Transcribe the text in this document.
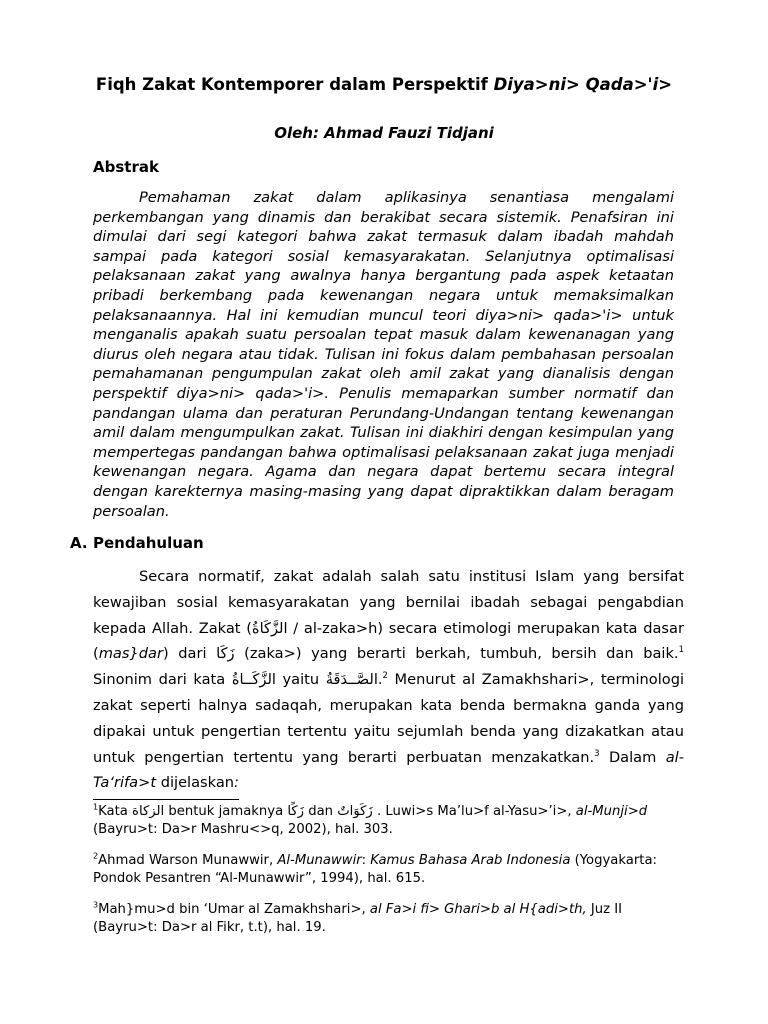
Fiqh Zakat Kontemporer dalam Perspektif Diya>ni> Qada>'i>
Oleh: Ahmad Fauzi Tidjani
Abstrak

Pemahaman zakat dalam aplikasinya senantiasa mengalami perkembangan yang dinamis dan berakibat secara sistemik. Penafsiran ini dimulai dari segi kategori bahwa zakat termasuk dalam ibadah mahdah sampai pada kategori sosial kemasyarakatan. Selanjutnya optimalisasi pelaksanaan zakat yang awalnya hanya bergantung pada aspek ketaatan pribadi berkembang pada kewenangan negara untuk memaksimalkan pelaksanaannya. Hal ini kemudian muncul teori diya>ni> qada>'i> untuk menganalis apakah suatu persoalan tepat masuk dalam kewenanagan yang diurus oleh negara atau tidak. Tulisan ini fokus dalam pembahasan persoalan pemahamanan pengumpulan zakat oleh amil zakat yang dianalisis dengan perspektif diya>ni> qada>'i>. Penulis memaparkan sumber normatif dan pandangan ulama dan peraturan Perundang-Undangan tentang kewenangan amil dalam mengumpulkan zakat. Tulisan ini diakhiri dengan kesimpulan yang mempertegas pandangan bahwa optimalisasi pelaksanaan zakat juga menjadi kewenangan negara. Agama dan negara dapat bertemu secara integral dengan karekternya masing-masing yang dapat dipraktikkan dalam beragam persoalan.

A. Pendahuluan

Secara normatif, zakat adalah salah satu institusi Islam yang bersifat kewajiban sosial kemasyarakatan yang bernilai ibadah sebagai pengabdian kepada Allah. Zakat (الزَّكَاةُ / al-zaka>h) secara etimologi merupakan kata dasar (mas}dar) dari زَكَا (zaka>) yang berarti berkah, tumbuh, bersih dan baik.$^1$ Sinonim dari kata الزَّكَــاةُ yaitu الصَّــدَقَةُ.$^2$ Menurut al Zamakhshari>, terminologi zakat seperti halnya sadaqah, merupakan kata benda bermakna ganda yang dipakai untuk pengertian tertentu yaitu sejumlah benda yang dizakatkan atau untuk pengertian tertentu yang berarti perbuatan menzakatkan.$^3$ Dalam al-Ta‘rifa>t dijelaskan:

$^1$Kata الزكاة bentuk jamaknya زَكًا dan زَكَوَاتٌ . Luwi>s Ma’lu>f al-Yasu>’i>, al-Munji>d (Bayru>t: Da>r Mashru<>q, 2002), hal. 303.

$^2$Ahmad Warson Munawwir, Al-Munawwir: Kamus Bahasa Arab Indonesia (Yogyakarta: Pondok Pesantren “Al-Munawwir”, 1994), hal. 615.

$^3$Mah}mu>d bin ‘Umar al Zamakhshari>, al Fa>i fi> Ghari>b al H{adi>th, Juz II (Bayru>t: Da>r al Fikr, t.t), hal. 19.
